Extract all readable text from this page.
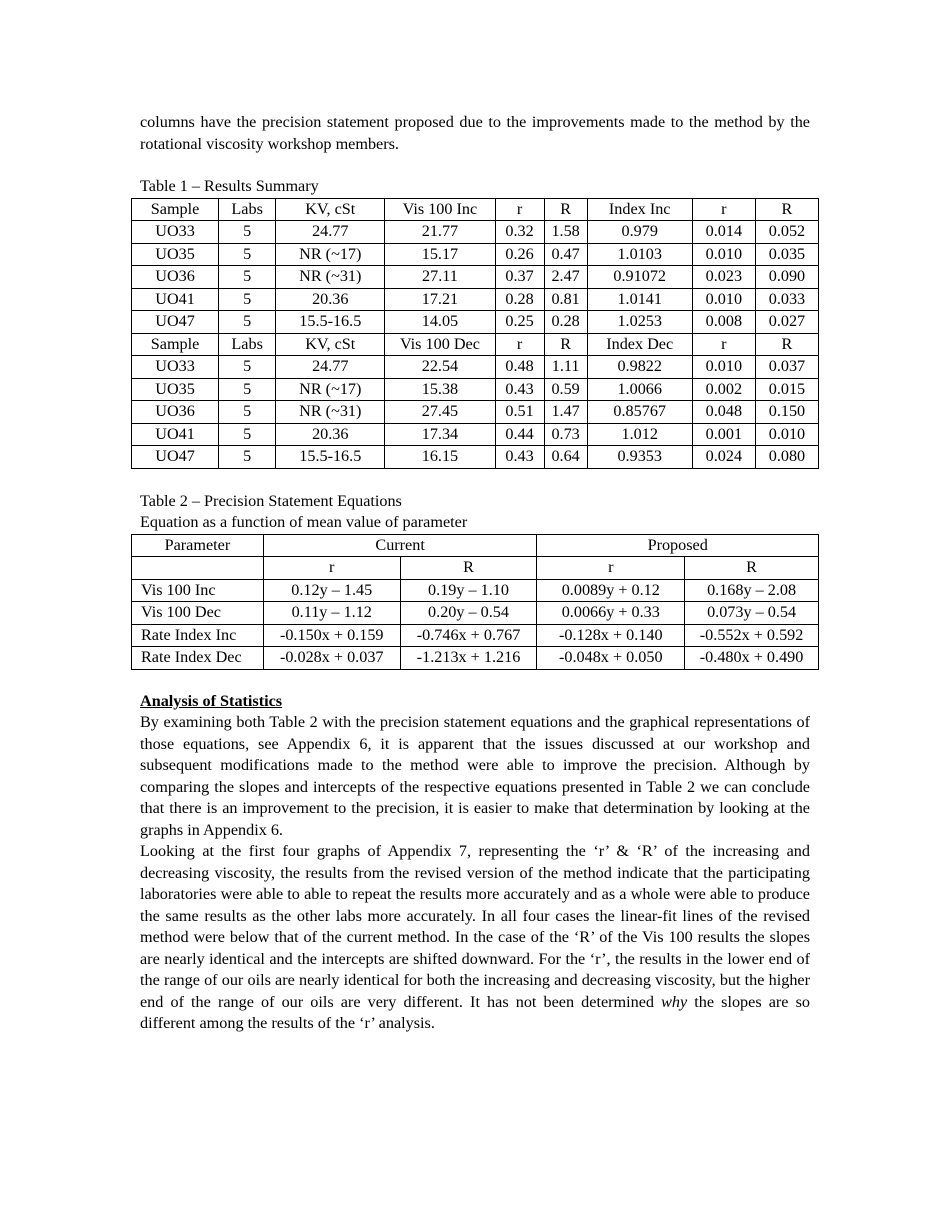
columns have the precision statement proposed due to the improvements made to the method by the rotational viscosity workshop members.

Table 1 – Results Summary
Sample	Labs	KV, cSt	Vis 100 Inc	r	R	Index Inc	r	R
UO33	5	24.77	21.77	0.32	1.58	0.979	0.014	0.052
UO35	5	NR (~17)	15.17	0.26	0.47	1.0103	0.010	0.035
UO36	5	NR (~31)	27.11	0.37	2.47	0.91072	0.023	0.090
UO41	5	20.36	17.21	0.28	0.81	1.0141	0.010	0.033
UO47	5	15.5-16.5	14.05	0.25	0.28	1.0253	0.008	0.027
Sample	Labs	KV, cSt	Vis 100 Dec	r	R	Index Dec	r	R
UO33	5	24.77	22.54	0.48	1.11	0.9822	0.010	0.037
UO35	5	NR (~17)	15.38	0.43	0.59	1.0066	0.002	0.015
UO36	5	NR (~31)	27.45	0.51	1.47	0.85767	0.048	0.150
UO41	5	20.36	17.34	0.44	0.73	1.012	0.001	0.010
UO47	5	15.5-16.5	16.15	0.43	0.64	0.9353	0.024	0.080
Table 2 – Precision Statement Equations
Equation as a function of mean value of parameter
Parameter	Current		Proposed	
	r	R	r	R
Vis 100 Inc	0.12y – 1.45	0.19y – 1.10	0.0089y + 0.12	0.168y – 2.08
Vis 100 Dec	0.11y – 1.12	0.20y – 0.54	0.0066y + 0.33	0.073y – 0.54
Rate Index Inc	-0.150x + 0.159	-0.746x + 0.767	-0.128x + 0.140	-0.552x + 0.592
Rate Index Dec	-0.028x + 0.037	-1.213x + 1.216	-0.048x + 0.050	-0.480x + 0.490
Analysis of Statistics

By examining both Table 2 with the precision statement equations and the graphical representations of those equations, see Appendix 6, it is apparent that the issues discussed at our workshop and subsequent modifications made to the method were able to improve the precision. Although by comparing the slopes and intercepts of the respective equations presented in Table 2 we can conclude that there is an improvement to the precision, it is easier to make that determination by looking at the graphs in Appendix 6.

Looking at the first four graphs of Appendix 7, representing the ‘r’ & ‘R’ of the increasing and decreasing viscosity, the results from the revised version of the method indicate that the participating laboratories were able to able to repeat the results more accurately and as a whole were able to produce the same results as the other labs more accurately. In all four cases the linear-fit lines of the revised method were below that of the current method. In the case of the ‘R’ of the Vis 100 results the slopes are nearly identical and the intercepts are shifted downward. For the ‘r’, the results in the lower end of the range of our oils are nearly identical for both the increasing and decreasing viscosity, but the higher end of the range of our oils are very different. It has not been determined why the slopes are so different among the results of the ‘r’ analysis.
